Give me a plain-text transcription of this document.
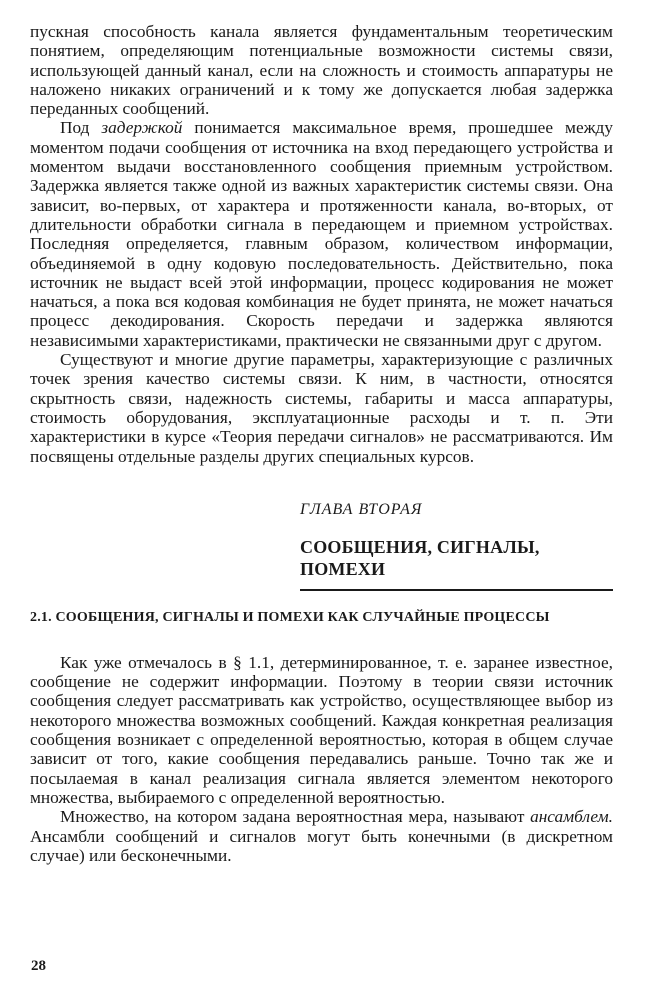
пускная способность канала является фундаментальным теоретическим понятием, определяющим потенциальные возможности системы связи, использующей данный канал, если на сложность и стоимость аппаратуры не наложено никаких ограничений и к тому же допускается любая задержка переданных сообщений.

Под задержкой понимается максимальное время, прошедшее между моментом подачи сообщения от источника на вход передающего устройства и моментом выдачи восстановленного сообщения приемным устройством. Задержка является также одной из важных характеристик системы связи. Она зависит, во-первых, от характера и протяженности канала, во-вторых, от длительности обработки сигнала в передающем и приемном устройствах. Последняя определяется, главным образом, количеством информации, объединяемой в одну кодовую последовательность. Действительно, пока источник не выдаст всей этой информации, процесс кодирования не может начаться, а пока вся кодовая комбинация не будет принята, не может начаться процесс декодирования. Скорость передачи и задержка являются независимыми характеристиками, практически не связанными друг с другом.

Существуют и многие другие параметры, характеризующие с различных точек зрения качество системы связи. К ним, в частности, относятся скрытность связи, надежность системы, габариты и масса аппаратуры, стоимость оборудования, эксплуатационные расходы и т. п. Эти характеристики в курсе «Теория передачи сигналов» не рассматриваются. Им посвящены отдельные разделы других специальных курсов.

ГЛАВА ВТОРАЯ
СООБЩЕНИЯ, СИГНАЛЫ,
ПОМЕХИ
2.1. СООБЩЕНИЯ, СИГНАЛЫ И ПОМЕХИ КАК СЛУЧАЙНЫЕ ПРОЦЕССЫ

Как уже отмечалось в § 1.1, детерминированное, т. е. заранее известное, сообщение не содержит информации. Поэтому в теории связи источник сообщения следует рассматривать как устройство, осуществляющее выбор из некоторого множества возможных сообщений. Каждая конкретная реализация сообщения возникает с определенной вероятностью, которая в общем случае зависит от того, какие сообщения передавались раньше. Точно так же и посылаемая в канал реализация сигнала является элементом некоторого множества, выбираемого с определенной вероятностью.

Множество, на котором задана вероятностная мера, называют ансамблем. Ансамбли сообщений и сигналов могут быть конечными (в дискретном случае) или бесконечными.

28
